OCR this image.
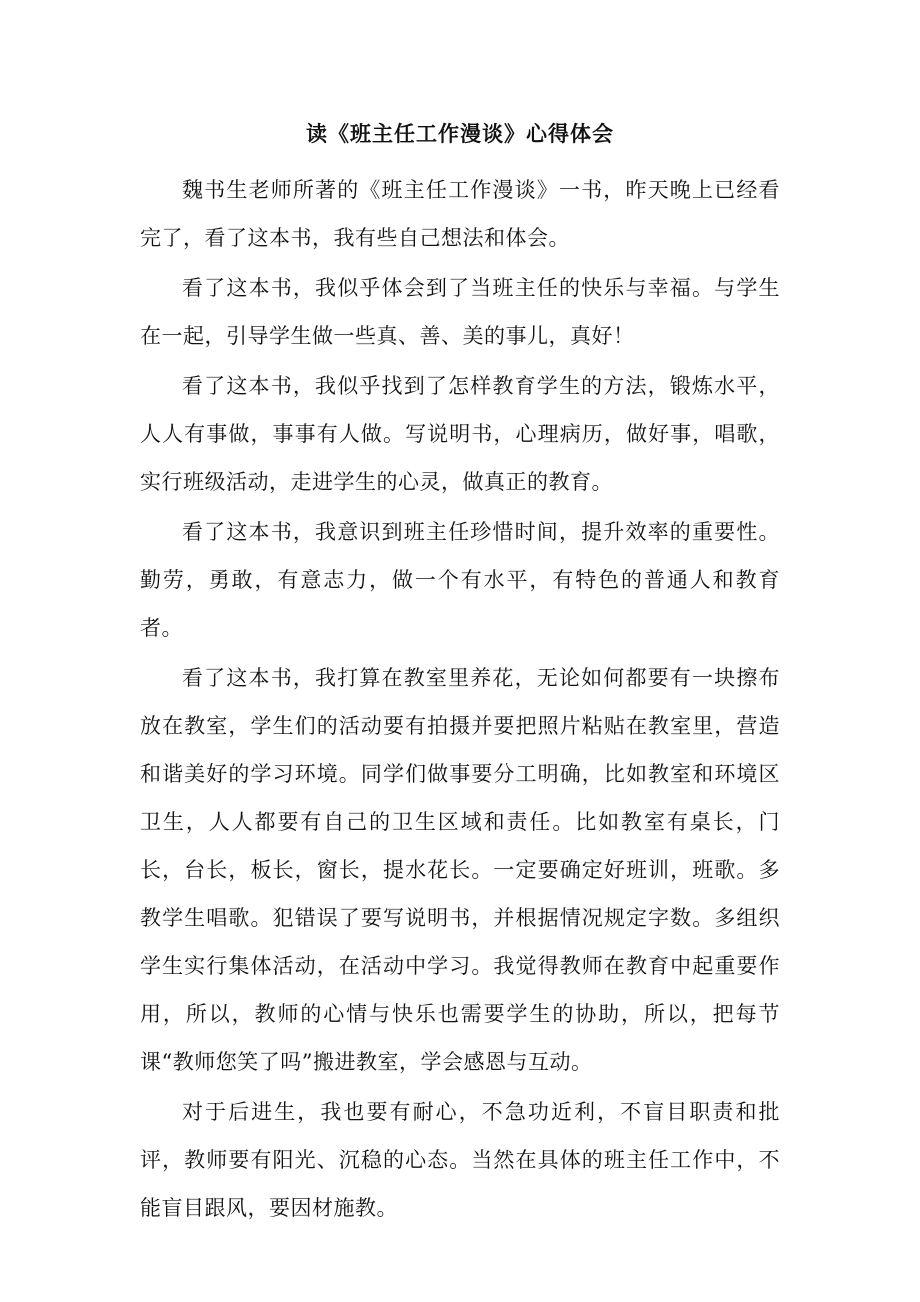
读《班主任工作漫谈》心得体会

魏书生老师所著的《班主任工作漫谈》一书，昨天晚上已经看完了，看了这本书，我有些自己想法和体会。

看了这本书，我似乎体会到了当班主任的快乐与幸福。与学生在一起，引导学生做一些真、善、美的事儿，真好！

看了这本书，我似乎找到了怎样教育学生的方法，锻炼水平，人人有事做，事事有人做。写说明书，心理病历，做好事，唱歌，实行班级活动，走进学生的心灵，做真正的教育。

看了这本书，我意识到班主任珍惜时间，提升效率的重要性。勤劳，勇敢，有意志力，做一个有水平，有特色的普通人和教育者。

看了这本书，我打算在教室里养花，无论如何都要有一块擦布放在教室，学生们的活动要有拍摄并要把照片粘贴在教室里，营造和谐美好的学习环境。同学们做事要分工明确，比如教室和环境区卫生，人人都要有自己的卫生区域和责任。比如教室有桌长，门长，台长，板长，窗长，提水花长。一定要确定好班训，班歌。多教学生唱歌。犯错误了要写说明书，并根据情况规定字数。多组织学生实行集体活动，在活动中学习。我觉得教师在教育中起重要作用，所以，教师的心情与快乐也需要学生的协助，所以，把每节课“教师您笑了吗”搬进教室，学会感恩与互动。

对于后进生，我也要有耐心，不急功近利，不盲目职责和批评，教师要有阳光、沉稳的心态。当然在具体的班主任工作中，不能盲目跟风，要因材施教。
